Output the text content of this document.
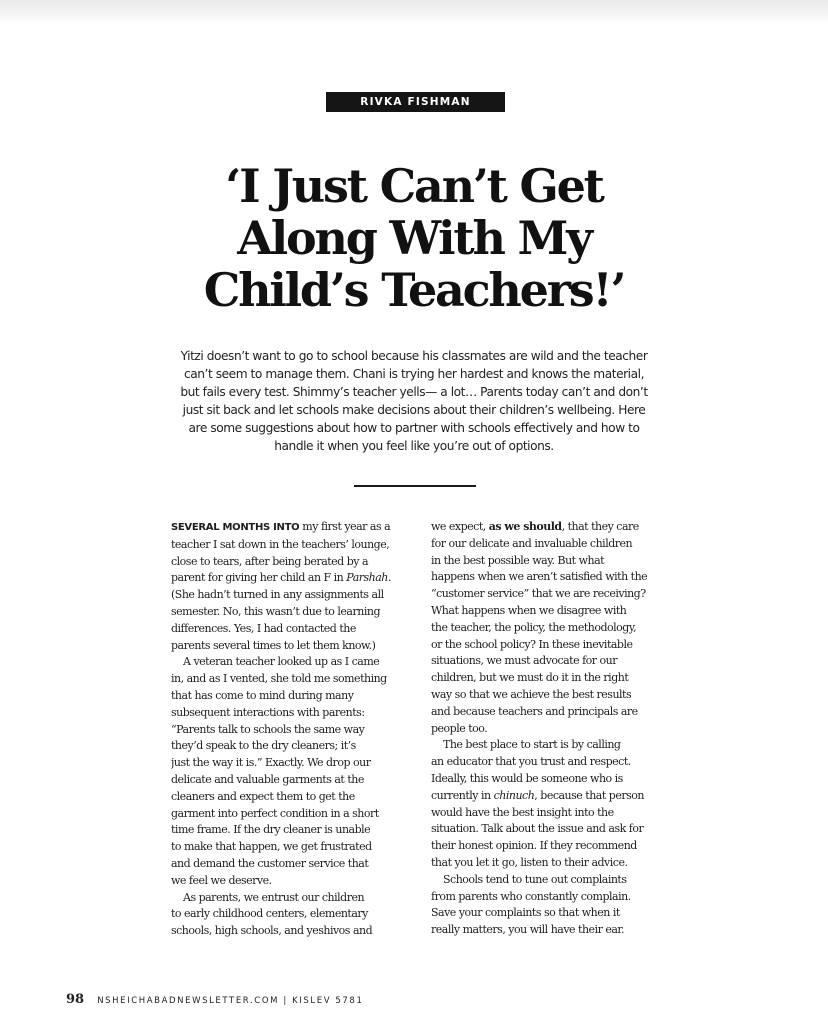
RIVKA FISHMAN
‘I Just Can’t Get
Along With My
Child’s Teachers!’

Yitzi doesn’t want to go to school because his classmates are wild and the teacher
can’t seem to manage them. Chani is trying her hardest and knows the material,
but fails every test. Shimmy’s teacher yells— a lot… Parents today can’t and don’t
just sit back and let schools make decisions about their children’s wellbeing. Here
are some suggestions about how to partner with schools effectively and how to
handle it when you feel like you’re out of options.

SEVERAL MONTHS INTO my first year as a
teacher I sat down in the teachers’ lounge,
close to tears, after being berated by a
parent for giving her child an F in Parshah.
(She hadn’t turned in any assignments all
semester. No, this wasn’t due to learning
differences. Yes, I had contacted the
parents several times to let them know.)
A veteran teacher looked up as I came
in, and as I vented, she told me something
that has come to mind during many
subsequent interactions with parents:
“Parents talk to schools the same way
they’d speak to the dry cleaners; it’s
just the way it is.” Exactly. We drop our
delicate and valuable garments at the
cleaners and expect them to get the
garment into perfect condition in a short
time frame. If the dry cleaner is unable
to make that happen, we get frustrated
and demand the customer service that
we feel we deserve.
As parents, we entrust our children
to early childhood centers, elementary
schools, high schools, and yeshivos and
we expect, as we should, that they care
for our delicate and invaluable children
in the best possible way. But what
happens when we aren’t satisfied with the
“customer service” that we are receiving?
What happens when we disagree with
the teacher, the policy, the methodology,
or the school policy? In these inevitable
situations, we must advocate for our
children, but we must do it in the right
way so that we achieve the best results
and because teachers and principals are
people too.
The best place to start is by calling
an educator that you trust and respect.
Ideally, this would be someone who is
currently in chinuch, because that person
would have the best insight into the
situation. Talk about the issue and ask for
their honest opinion. If they recommend
that you let it go, listen to their advice.
Schools tend to tune out complaints
from parents who constantly complain.
Save your complaints so that when it
really matters, you will have their ear.
98 NSHEICHABADNEWSLETTER.COM | KISLEV 5781
